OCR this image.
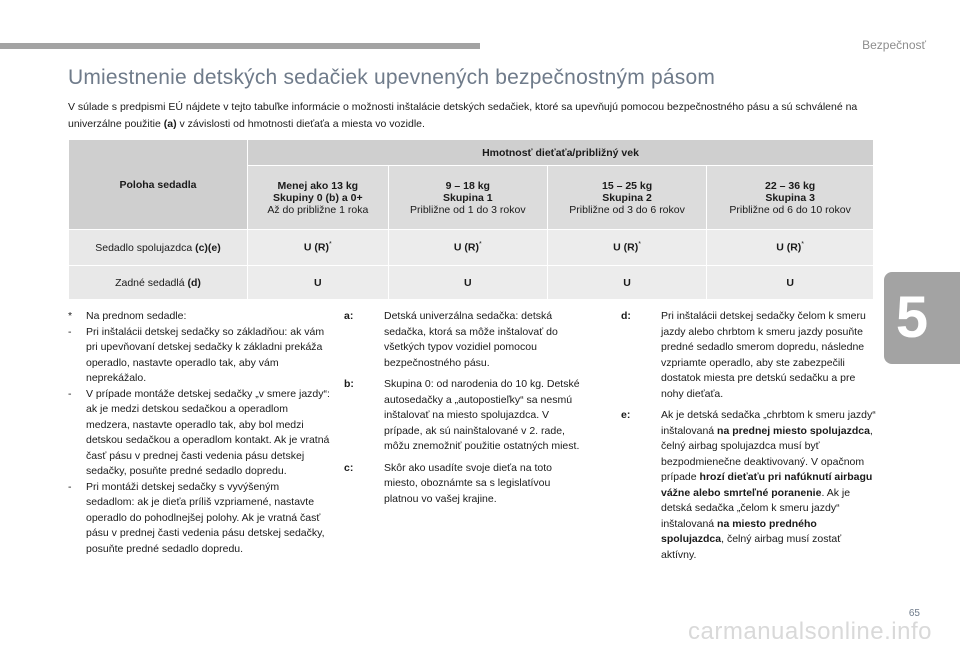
Bezpečnosť
5
Umiestnenie detských sedačiek upevnených bezpečnostným pásom
V súlade s predpismi EÚ nájdete v tejto tabuľke informácie o možnosti inštalácie detských sedačiek, ktoré sa upevňujú pomocou bezpečnostného pásu a sú schválené na univerzálne použitie (a) v závislosti od hmotnosti dieťaťa a miesta vo vozidle.
Poloha sedadla	Hmotnosť dieťaťa/približný vek			

	Menej ako 13 kg
Skupiny 0 (b) a 0+
Až do približne 1 roka	9 – 18 kg
Skupina 1
Približne od 1 do 3 rokov	15 – 25 kg
Skupina 2
Približne od 3 do 6 rokov	22 – 36 kg
Skupina 3
Približne od 6 do 10 rokov

Sedadlo spolujazdca (c)(e)	U (R)*	U (R)*	U (R)*	U (R)*
Zadné sedadlá (d)	U	U	U	U
*	Na prednom sedadle:
-	Pri inštalácii detskej sedačky so základňou: ak vám pri upevňovaní detskej sedačky k základni prekáža operadlo, nastavte operadlo tak, aby vám neprekážalo.
-	V prípade montáže detskej sedačky „v smere jazdy“: ak je medzi detskou sedačkou a operadlom medzera, nastavte operadlo tak, aby bol medzi detskou sedačkou a operadlom kontakt. Ak je vratná časť pásu v prednej časti vedenia pásu detskej sedačky, posuňte predné sedadlo dopredu.
-	Pri montáži detskej sedačky s vyvýšeným sedadlom: ak je dieťa príliš vzpriamené, nastavte operadlo do pohodlnejšej polohy. Ak je vratná časť pásu v prednej časti vedenia pásu detskej sedačky, posuňte predné sedadlo dopredu.
a:	Detská univerzálna sedačka: detská sedačka, ktorá sa môže inštalovať do všetkých typov vozidiel pomocou bezpečnostného pásu.
b:	Skupina 0: od narodenia do 10 kg. Detské autosedačky a „autopostieľky“ sa nesmú inštalovať na miesto spolujazdca. V prípade, ak sú nainštalované v 2. rade, môžu znemožniť použitie ostatných miest.
c:	Skôr ako usadíte svoje dieťa na toto miesto, oboznámte sa s legislatívou platnou vo vašej krajine.
d:	Pri inštalácii detskej sedačky čelom k smeru jazdy alebo chrbtom k smeru jazdy posuňte predné sedadlo smerom dopredu, následne vzpriamte operadlo, aby ste zabezpečili dostatok miesta pre detskú sedačku a pre nohy dieťaťa.
e:	Ak je detská sedačka „chrbtom k smeru jazdy“ inštalovaná na prednej miesto spolujazdca, čelný airbag spolujazdca musí byť bezpodmienečne deaktivovaný. V opačnom prípade hrozí dieťaťu pri nafúknutí airbagu vážne alebo smrteľné poranenie. Ak je detská sedačka „čelom k smeru jazdy“ inštalovaná na miesto predného spolujazdca, čelný airbag musí zostať aktívny.
65
carmanualsonline.info
